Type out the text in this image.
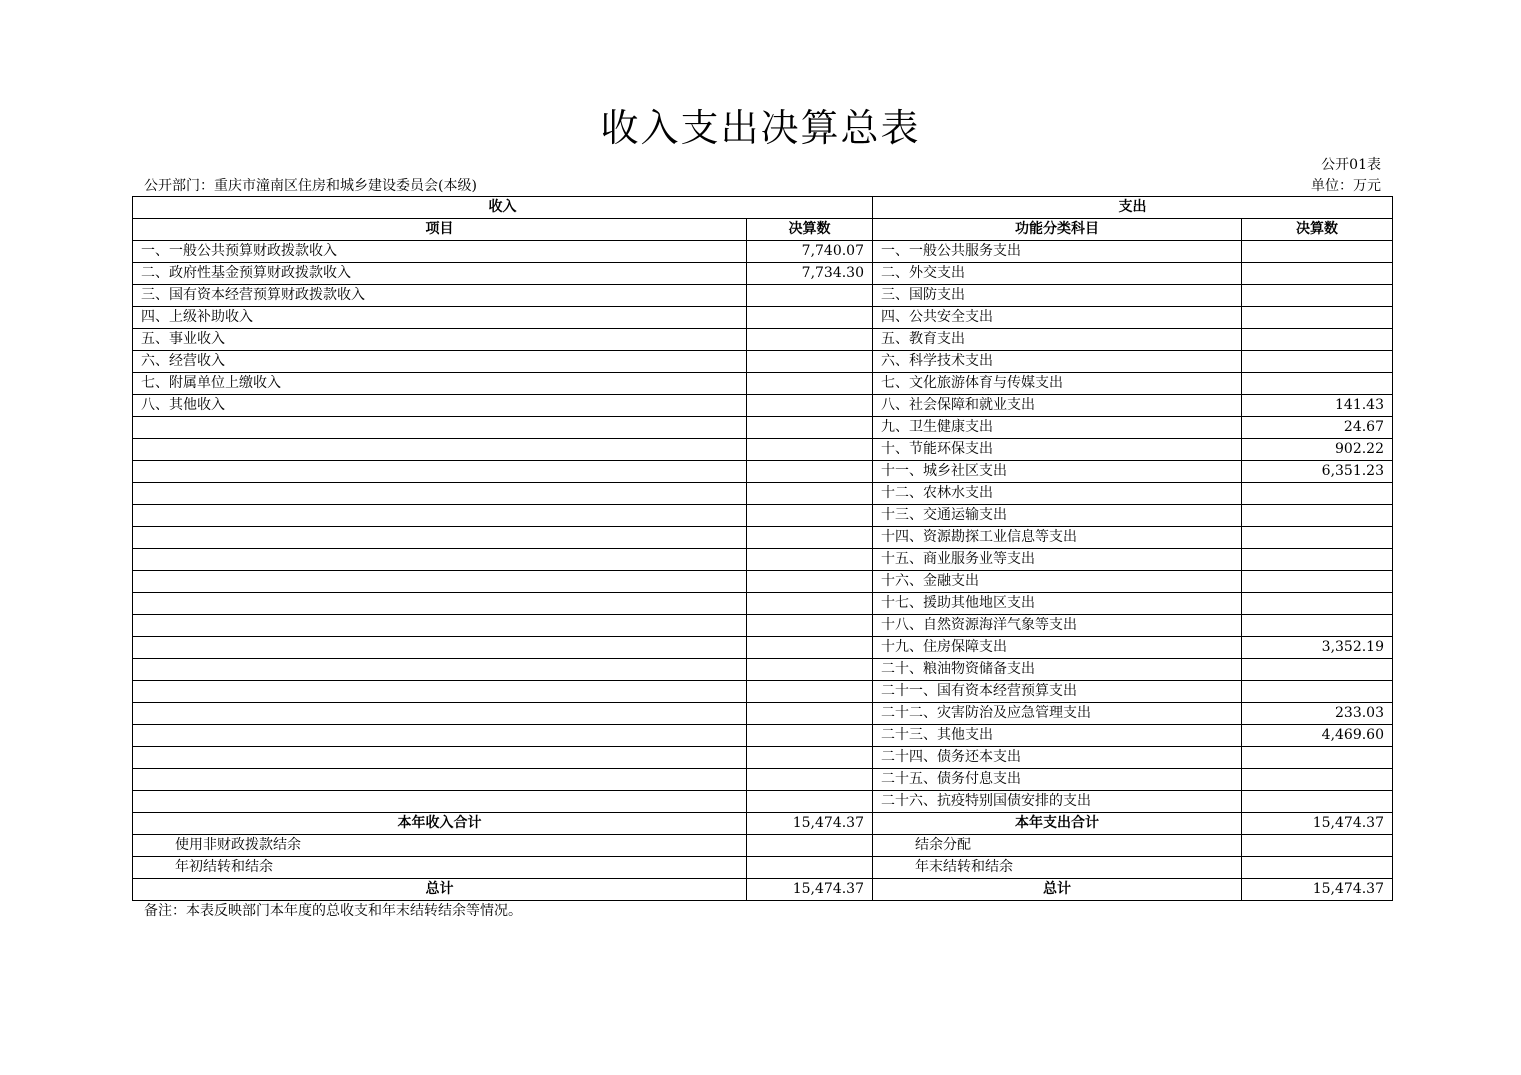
收入支出决算总表
公开01表
公开部门：重庆市潼南区住房和城乡建设委员会(本级)	单位：万元
收入		支出	
项目	决算数	功能分类科目	决算数
一、一般公共预算财政拨款收入	7,740.07	一、一般公共服务支出	
二、政府性基金预算财政拨款收入	7,734.30	二、外交支出	
三、国有资本经营预算财政拨款收入		三、国防支出	
四、上级补助收入		四、公共安全支出	
五、事业收入		五、教育支出	
六、经营收入		六、科学技术支出	
七、附属单位上缴收入		七、文化旅游体育与传媒支出	
八、其他收入		八、社会保障和就业支出	141.43
		九、卫生健康支出	24.67
		十、节能环保支出	902.22
		十一、城乡社区支出	6,351.23
		十二、农林水支出	
		十三、交通运输支出	
		十四、资源勘探工业信息等支出	
		十五、商业服务业等支出	
		十六、金融支出	
		十七、援助其他地区支出	
		十八、自然资源海洋气象等支出	
		十九、住房保障支出	3,352.19
		二十、粮油物资储备支出	
		二十一、国有资本经营预算支出	
		二十二、灾害防治及应急管理支出	233.03
		二十三、其他支出	4,469.60
		二十四、债务还本支出	
		二十五、债务付息支出	
		二十六、抗疫特别国债安排的支出	
本年收入合计	15,474.37	本年支出合计	15,474.37
使用非财政拨款结余		结余分配	
年初结转和结余		年末结转和结余	
总计	15,474.37	总计	15,474.37
备注：本表反映部门本年度的总收支和年末结转结余等情况。
